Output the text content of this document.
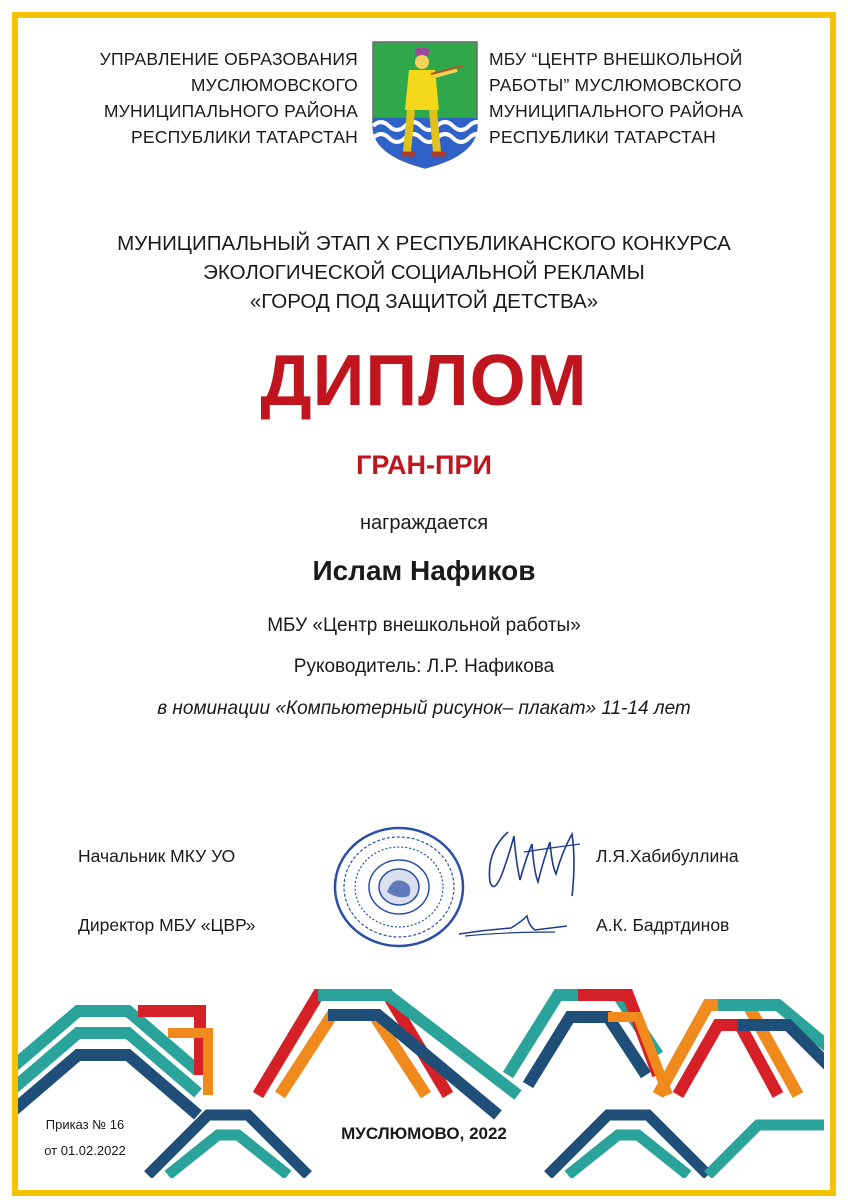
УПРАВЛЕНИЕ ОБРАЗОВАНИЯ
МУСЛЮМОВСКОГО
МУНИЦИПАЛЬНОГО РАЙОНА
РЕСПУБЛИКИ ТАТАРСТАН
МБУ “ЦЕНТР ВНЕШКОЛЬНОЙ
РАБОТЫ” МУСЛЮМОВСКОГО
МУНИЦИПАЛЬНОГО РАЙОНА
РЕСПУБЛИКИ ТАТАРСТАН
МУНИЦИПАЛЬНЫЙ ЭТАП X РЕСПУБЛИКАНСКОГО КОНКУРСА
ЭКОЛОГИЧЕСКОЙ СОЦИАЛЬНОЙ РЕКЛАМЫ
«ГОРОД ПОД ЗАЩИТОЙ ДЕТСТВА»
ДИПЛОМ
ГРАН-ПРИ
награждается
Ислам Нафиков
МБУ «Центр внешкольной работы»
Руководитель: Л.Р. Нафикова
в номинации «Компьютерный рисунок– плакат» 11-14 лет
Начальник МКУ УО	Л.Я.Хабибуллина
Директор МБУ «ЦВР»	А.К. Бадртдинов
Приказ № 16
от 01.02.2022
МУСЛЮМОВО, 2022
